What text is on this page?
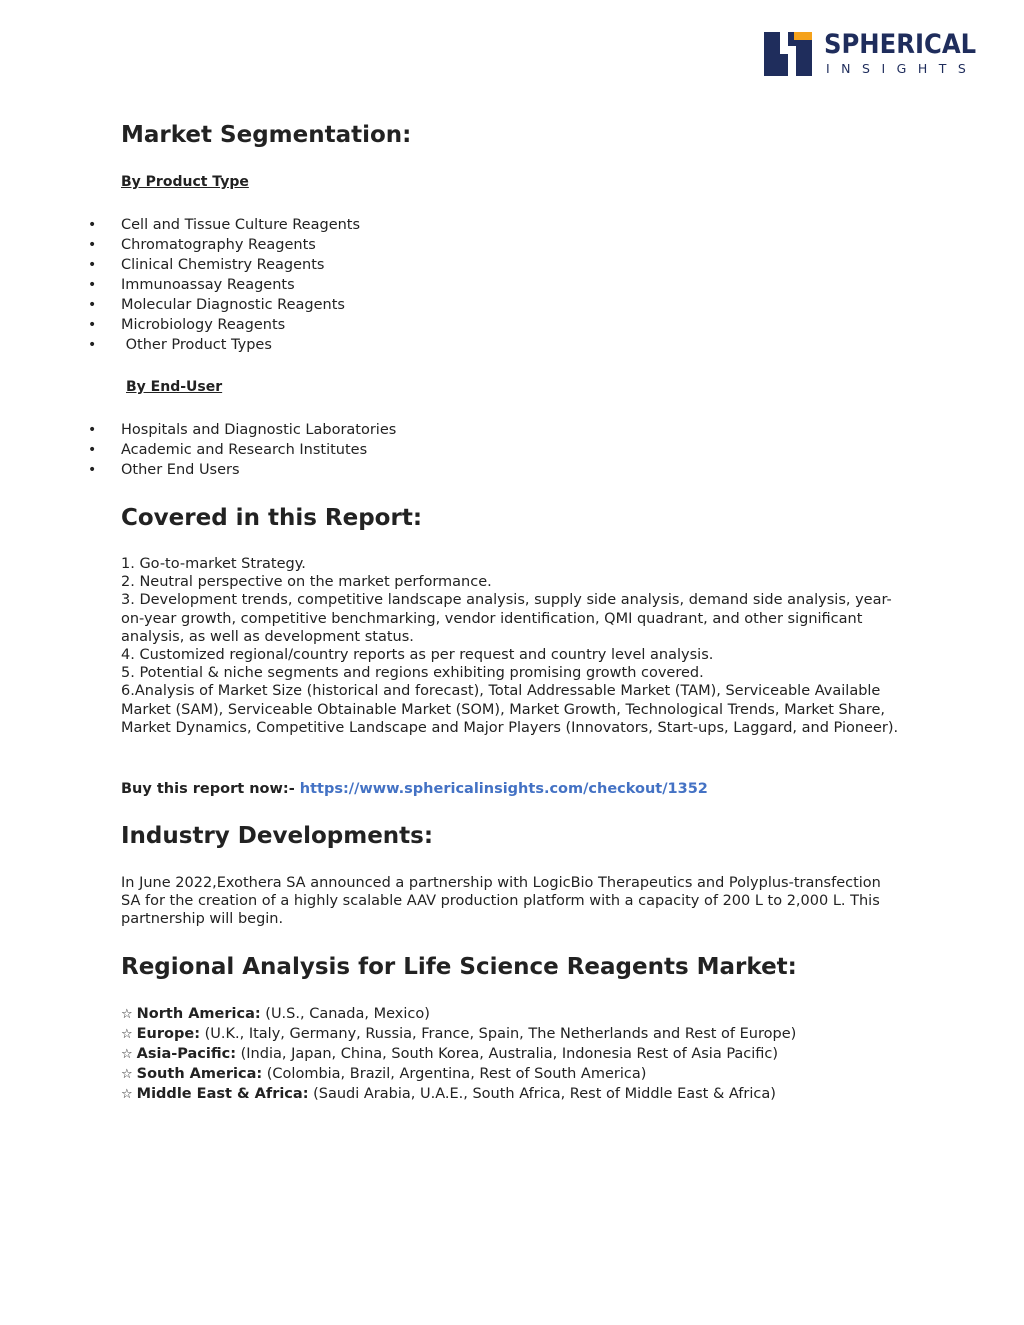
SPHERICAL
INSIGHTS
Market Segmentation:
By Product Type
• Cell and Tissue Culture Reagents
• Chromatography Reagents
• Clinical Chemistry Reagents
• Immunoassay Reagents
• Molecular Diagnostic Reagents
• Microbiology Reagents
•  Other Product Types
By End-User
• Hospitals and Diagnostic Laboratories
• Academic and Research Institutes
• Other End Users
Covered in this Report:
1. Go-to-market Strategy.
2. Neutral perspective on the market performance.
3. Development trends, competitive landscape analysis, supply side analysis, demand side analysis, year-on-year growth, competitive benchmarking, vendor identification, QMI quadrant, and other significant analysis, as well as development status.
4. Customized regional/country reports as per request and country level analysis.
5. Potential & niche segments and regions exhibiting promising growth covered.
6.Analysis of Market Size (historical and forecast), Total Addressable Market (TAM), Serviceable Available Market (SAM), Serviceable Obtainable Market (SOM), Market Growth, Technological Trends, Market Share, Market Dynamics, Competitive Landscape and Major Players (Innovators, Start-ups, Laggard, and Pioneer).
Buy this report now:- https://www.sphericalinsights.com/checkout/1352
Industry Developments:
In June 2022,Exothera SA announced a partnership with LogicBio Therapeutics and Polyplus-transfection SA for the creation of a highly scalable AAV production platform with a capacity of 200 L to 2,000 L. This partnership will begin.
Regional Analysis for Life Science Reagents Market:
☆ North America: (U.S., Canada, Mexico)
☆ Europe: (U.K., Italy, Germany, Russia, France, Spain, The Netherlands and Rest of Europe)
☆ Asia-Pacific: (India, Japan, China, South Korea, Australia, Indonesia Rest of Asia Pacific)
☆ South America: (Colombia, Brazil, Argentina, Rest of South America)
☆ Middle East & Africa: (Saudi Arabia, U.A.E., South Africa, Rest of Middle East & Africa)
